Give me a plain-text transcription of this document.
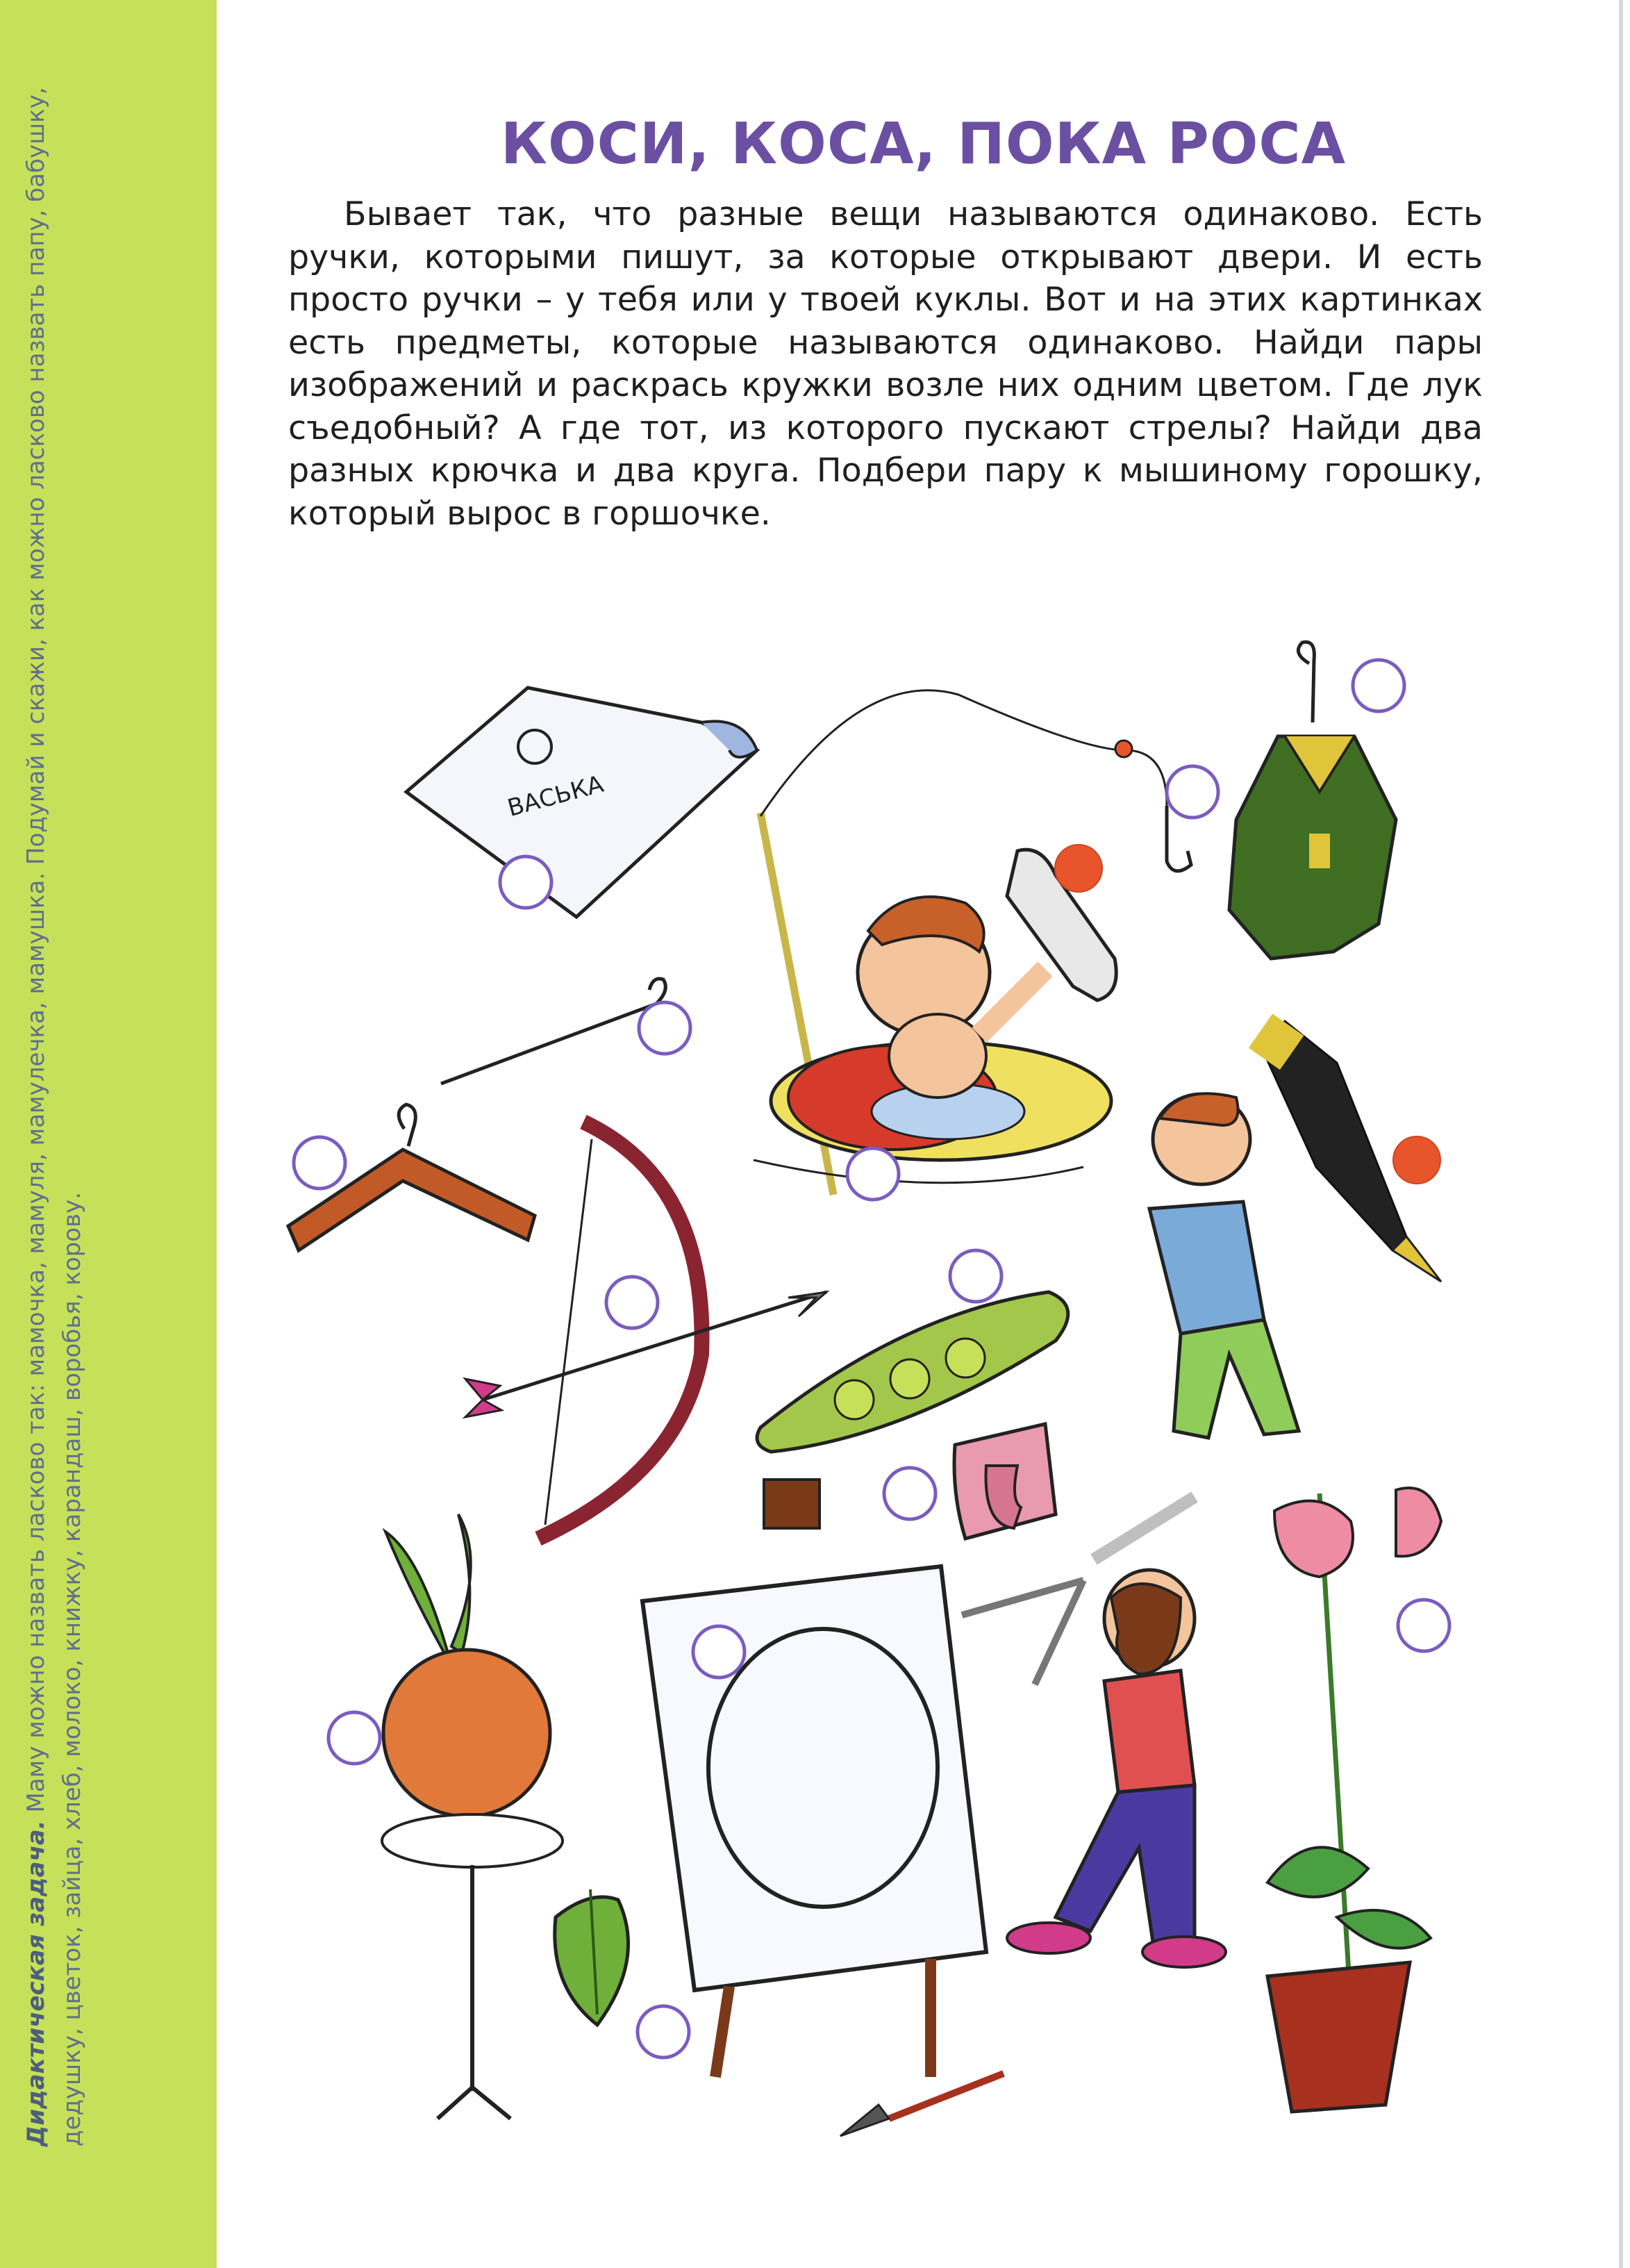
Дидактическая задача. Маму можно назвать ласково так: мамочка, мамуля, мамулечка, мамушка. Подумай и скажи, как можно ласково назвать папу, бабушку, дедушку, цветок, зайца, хлеб, молоко, книжку, карандаш, воробья, корову.
КОСИ, КОСА, ПОКА РОСА
Бывает так, что разные вещи называются одинаково. Есть ручки, которыми пишут, за которые открывают двери. И есть просто ручки – у тебя или у твоей куклы. Вот и на этих картинках есть предметы, которые называются одинаково. Найди пары изображений и раскрась кружки возле них одним цветом. Где лук съедобный? А где тот, из которого пускают стрелы? Найди два разных крючка и два круга. Подбери пару к мышиному горошку, который вырос в горшочке.
ВАСЬКА
